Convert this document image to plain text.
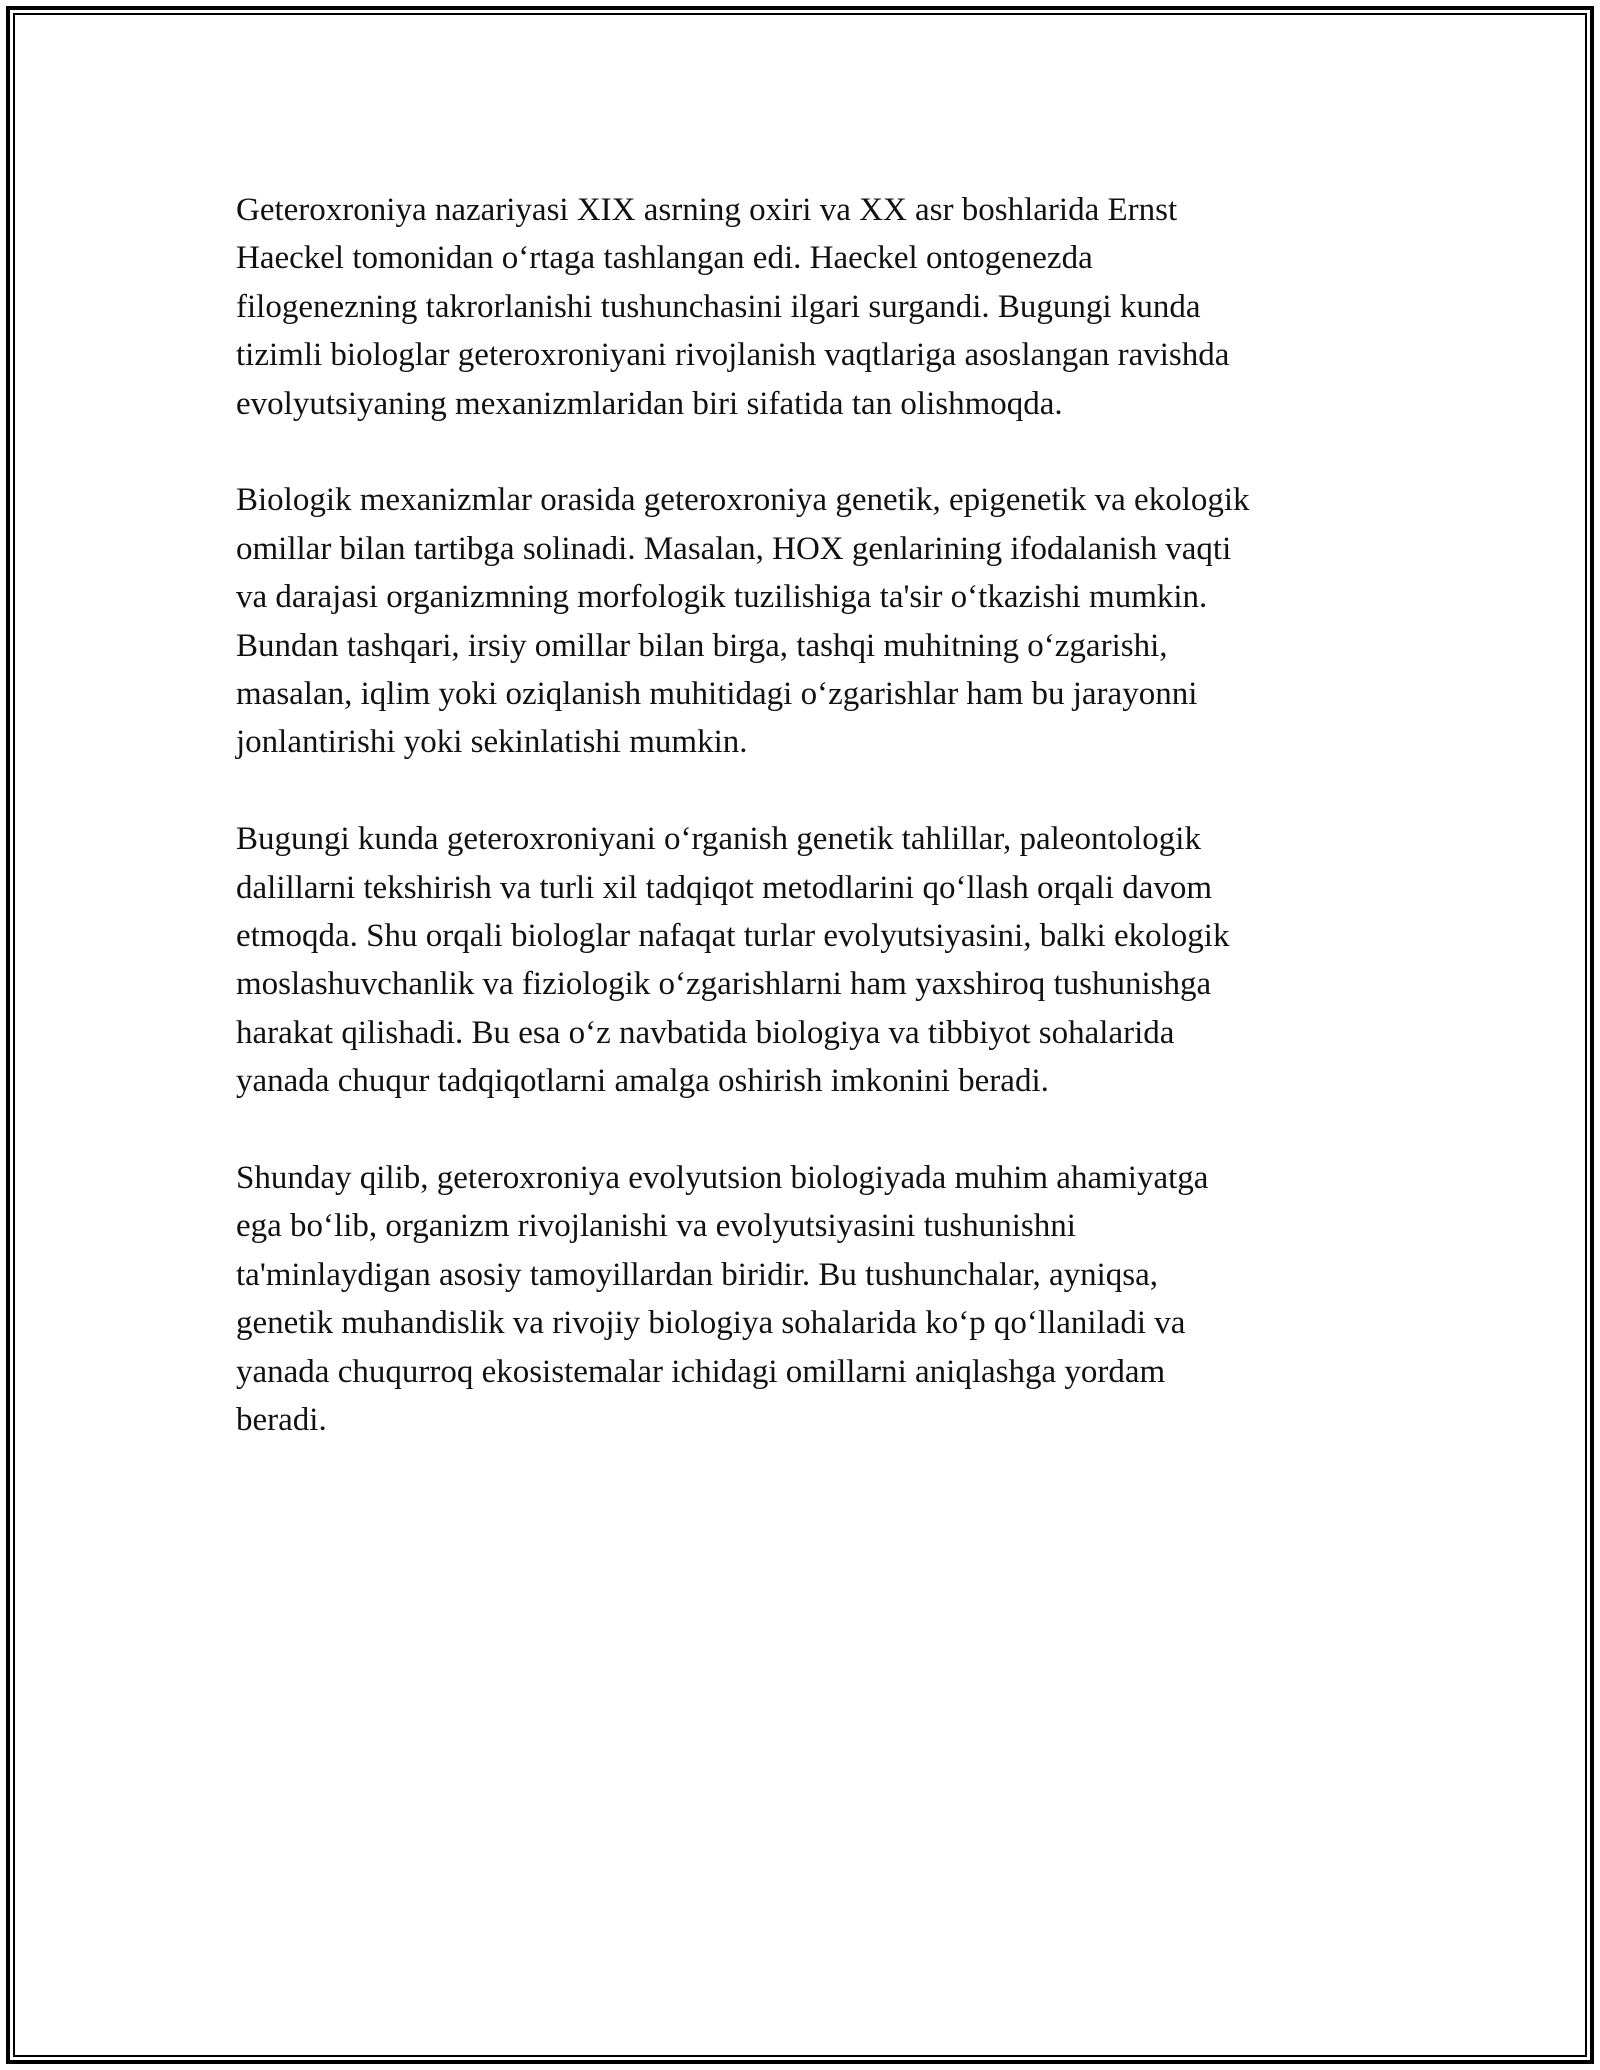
Geteroxroniya nazariyasi XIX asrning oxiri va XX asr boshlarida Ernst
Haeckel tomonidan o‘rtaga tashlangan edi. Haeckel ontogenezda
filogenezning takrorlanishi tushunchasini ilgari surgandi. Bugungi kunda
tizimli biologlar geteroxroniyani rivojlanish vaqtlariga asoslangan ravishda
evolyutsiyaning mexanizmlaridan biri sifatida tan olishmoqda.

Biologik mexanizmlar orasida geteroxroniya genetik, epigenetik va ekologik
omillar bilan tartibga solinadi. Masalan, HOX genlarining ifodalanish vaqti
va darajasi organizmning morfologik tuzilishiga ta'sir o‘tkazishi mumkin.
Bundan tashqari, irsiy omillar bilan birga, tashqi muhitning o‘zgarishi,
masalan, iqlim yoki oziqlanish muhitidagi o‘zgarishlar ham bu jarayonni
jonlantirishi yoki sekinlatishi mumkin.

Bugungi kunda geteroxroniyani o‘rganish genetik tahlillar, paleontologik
dalillarni tekshirish va turli xil tadqiqot metodlarini qo‘llash orqali davom
etmoqda. Shu orqali biologlar nafaqat turlar evolyutsiyasini, balki ekologik
moslashuvchanlik va fiziologik o‘zgarishlarni ham yaxshiroq tushunishga
harakat qilishadi. Bu esa o‘z navbatida biologiya va tibbiyot sohalarida
yanada chuqur tadqiqotlarni amalga oshirish imkonini beradi.

Shunday qilib, geteroxroniya evolyutsion biologiyada muhim ahamiyatga
ega bo‘lib, organizm rivojlanishi va evolyutsiyasini tushunishni
ta'minlaydigan asosiy tamoyillardan biridir. Bu tushunchalar, ayniqsa,
genetik muhandislik va rivojiy biologiya sohalarida ko‘p qo‘llaniladi va
yanada chuqurroq ekosistemalar ichidagi omillarni aniqlashga yordam
beradi.
